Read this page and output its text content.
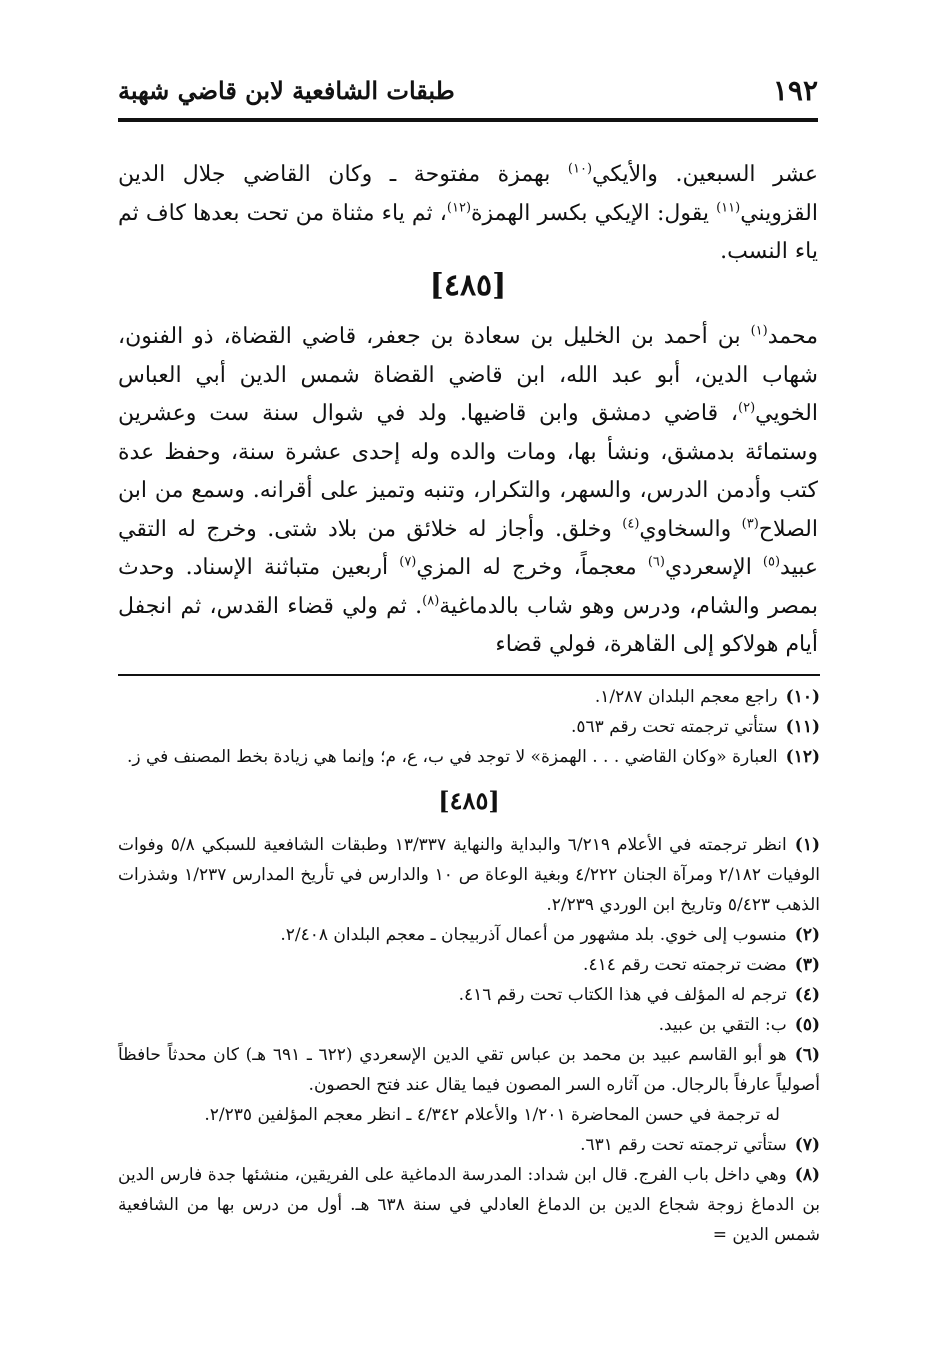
١٩٢
طبقات الشافعية لابن قاضي شهبة
عشر السبعين. والأيكي$^{(١٠)}$ بهمزة مفتوحة ـ وكان القاضي جلال الدين القزويني$^{(١١)}$ يقول: الإيكي بكسر الهمزة$^{(١٢)}$، ثم ياء مثناة من تحت بعدها كاف ثم ياء النسب.
[٤٨٥]
محمد$^{(١)}$ بن أحمد بن الخليل بن سعادة بن جعفر، قاضي القضاة، ذو الفنون، شهاب الدين، أبو عبد الله، ابن قاضي القضاة شمس الدين أبي العباس الخويي$^{(٢)}$، قاضي دمشق وابن قاضيها. ولد في شوال سنة ست وعشرين وستمائة بدمشق، ونشأ بها، ومات والده وله إحدى عشرة سنة، وحفظ عدة كتب وأدمن الدرس، والسهر، والتكرار، وتنبه وتميز على أقرانه. وسمع من ابن الصلاح$^{(٣)}$ والسخاوي$^{(٤)}$ وخلق. وأجاز له خلائق من بلاد شتى. وخرج له التقي عبيد$^{(٥)}$ الإسعردي$^{(٦)}$ معجماً، وخرج له المزي$^{(٧)}$ أربعين متباثنة الإسناد. وحدث بمصر والشام، ودرس وهو شاب بالدماغية$^{(٨)}$. ثم ولي قضاء القدس، ثم انجفل أيام هولاكو إلى القاهرة، فولي قضاء
( ١٠ )راجع معجم البلدان ١/٢٨٧.
( ١١ )ستأتي ترجمته تحت رقم ٥٦٣.
( ١٢ )العبارة «وكان القاضي . . . الهمزة» لا توجد في ب، ع، م؛ وإنما هي زيادة بخط المصنف في ز.
[٤٨٥]
( ١ )انظر ترجمته في الأعلام ٦/٢١٩ والبداية والنهاية ١٣/٣٣٧ وطبقات الشافعية للسبكي ٥/٨ وفوات الوفيات ٢/١٨٢ ومرآة الجنان ٤/٢٢٢ وبغية الوعاة ص ١٠ والدارس في تأريخ المدارس ١/٢٣٧ وشذرات الذهب ٥/٤٢٣ وتاريخ ابن الوردي ٢/٢٣٩.
( ٢ )منسوب إلى خوي. بلد مشهور من أعمال آذربيجان ـ معجم البلدان ٢/٤٠٨.
( ٣ )مضت ترجمته تحت رقم ٤١٤.
( ٤ )ترجم له المؤلف في هذا الكتاب تحت رقم ٤١٦.
( ٥ )ب: التقي بن عبيد.
( ٦ )هو أبو القاسم عبيد بن محمد بن عباس تقي الدين الإسعردي (٦٢٢ ـ ٦٩١ هـ) كان محدثاً حافظاً أصولياً عارفاً بالرجال. من آثاره السر المصون فيما يقال عند فتح الحصون.
له ترجمة في حسن المحاضرة ١/٢٠١ والأعلام ٤/٣٤٢ ـ انظر معجم المؤلفين ٢/٢٣٥.
( ٧ )ستأتي ترجمته تحت رقم ٦٣١.
( ٨ )وهي داخل باب الفرج. قال ابن شداد: المدرسة الدماغية على الفريقين، منشئها جدة فارس الدين بن الدماغ زوجة شجاع الدين بن الدماغ العادلي في سنة ٦٣٨ هـ. أول من درس بها من الشافعية شمس الدين =
